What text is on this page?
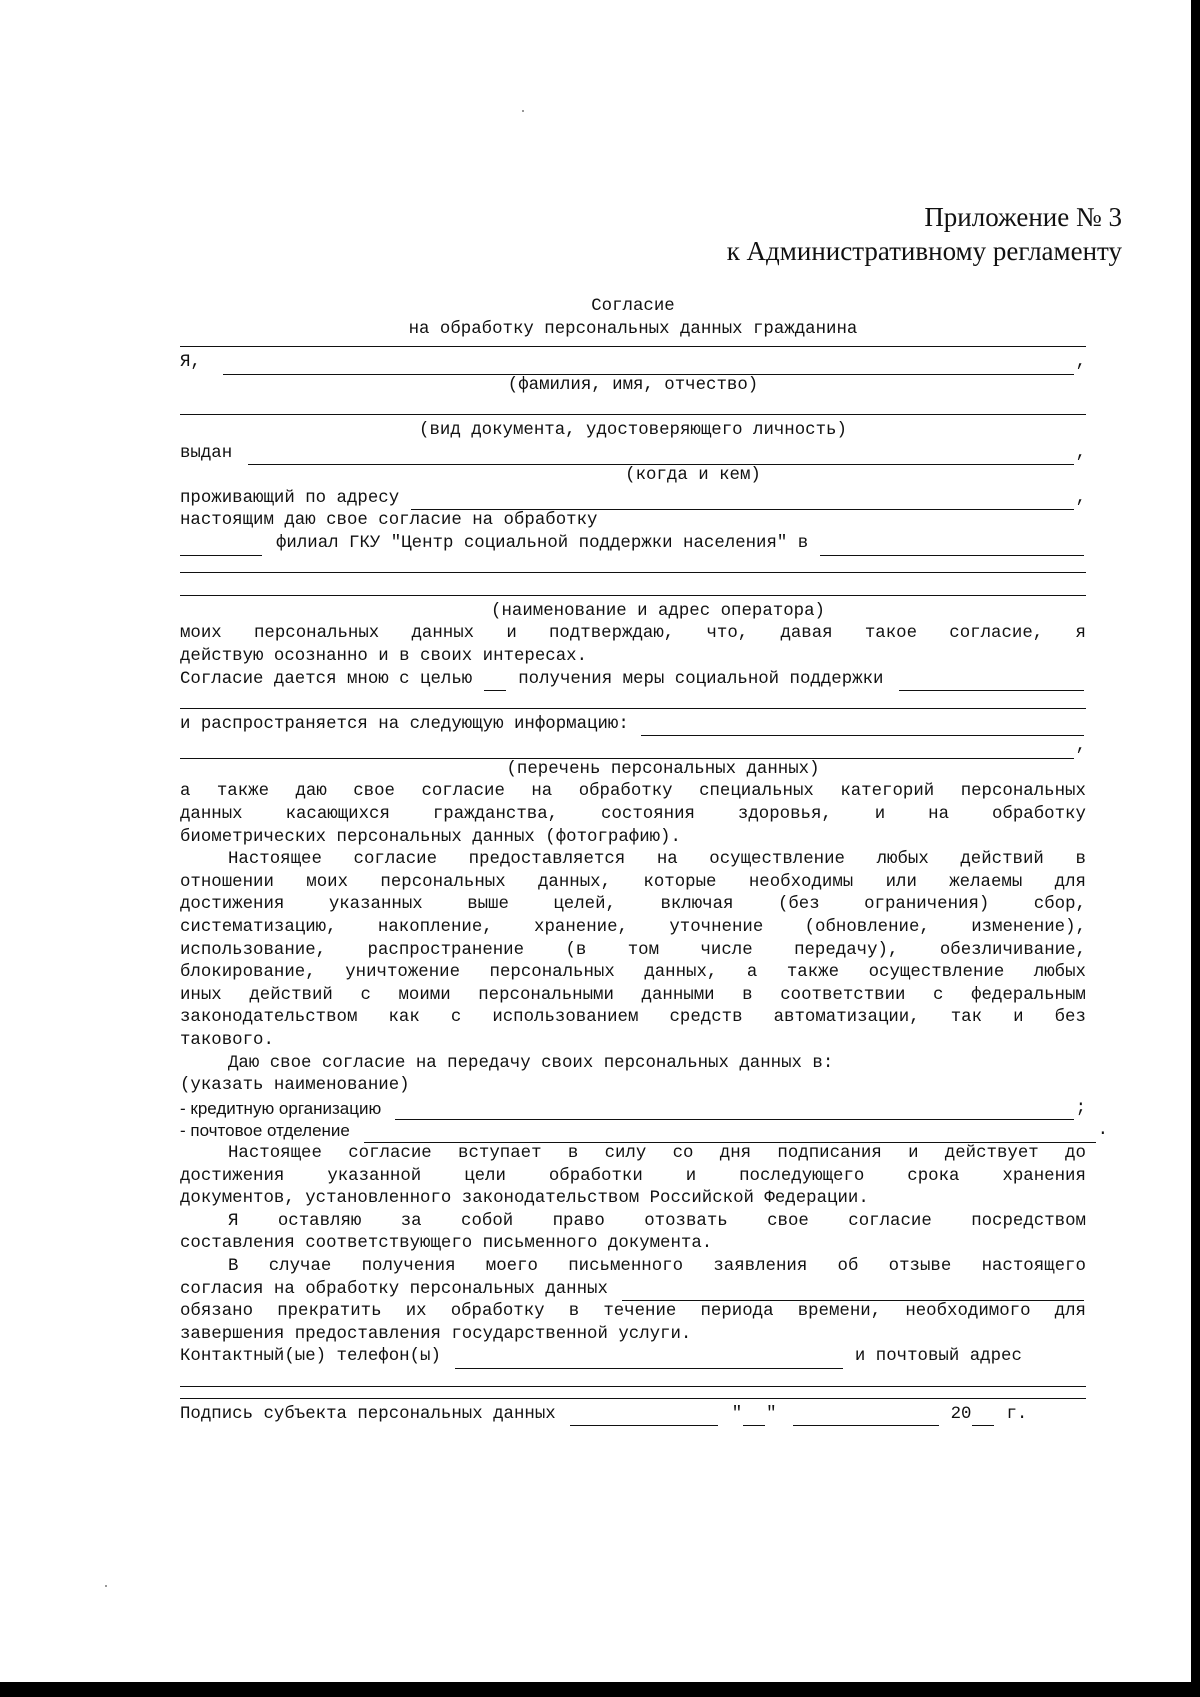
Приложение № 3
к Административному регламенту
Согласие
на обработку персональных данных гражданина
Я,	,
(фамилия, имя, отчество)
(вид документа, удостоверяющего личность)
выдан	,
(когда и кем)
проживающий по адресу	,
настоящим даю свое согласие на обработку
филиал ГКУ "Центр социальной поддержки населения" в
(наименование и адрес оператора)
моих персональных данных и подтверждаю, что, давая такое согласие, я
действую осознанно и в своих интересах.
Согласие дается мною с целью	получения меры социальной поддержки
и распространяется на следующую информацию:
,
(перечень персональных данных)
а также даю свое согласие на обработку специальных категорий персональных
данных касающихся гражданства, состояния здоровья, и на обработку
биометрических персональных данных (фотографию).
Настоящее согласие предоставляется на осуществление любых действий в
отношении моих персональных данных, которые необходимы или желаемы для
достижения	указанных	выше	целей,	включая	(без	ограничения)	сбор,
систематизацию, накопление, хранение, уточнение (обновление, изменение),
использование, распространение (в том числе передачу), обезличивание,
блокирование, уничтожение персональных данных, а также осуществление любых
иных действий с моими персональными данными в соответствии с федеральным
законодательством как с использованием средств автоматизации, так и без
такового.
Даю свое согласие на передачу своих персональных данных в:
(указать наименование)
- кредитную организацию	;
- почтовое отделение	.
Настоящее согласие вступает в силу со дня подписания и действует до
достижения указанной цели обработки и последующего срока хранения
документов, установленного законодательством Российской Федерации.
Я оставляю за собой право отозвать свое согласие посредством
составления соответствующего письменного документа.
В случае получения моего письменного заявления об отзыве настоящего
согласия на обработку персональных данных
обязано прекратить их обработку в течение периода времени, необходимого для
завершения предоставления государственной услуги.
Контактный(ые) телефон(ы)	и почтовый адрес
Подпись субъекта персональных данных	" "	20 г.
